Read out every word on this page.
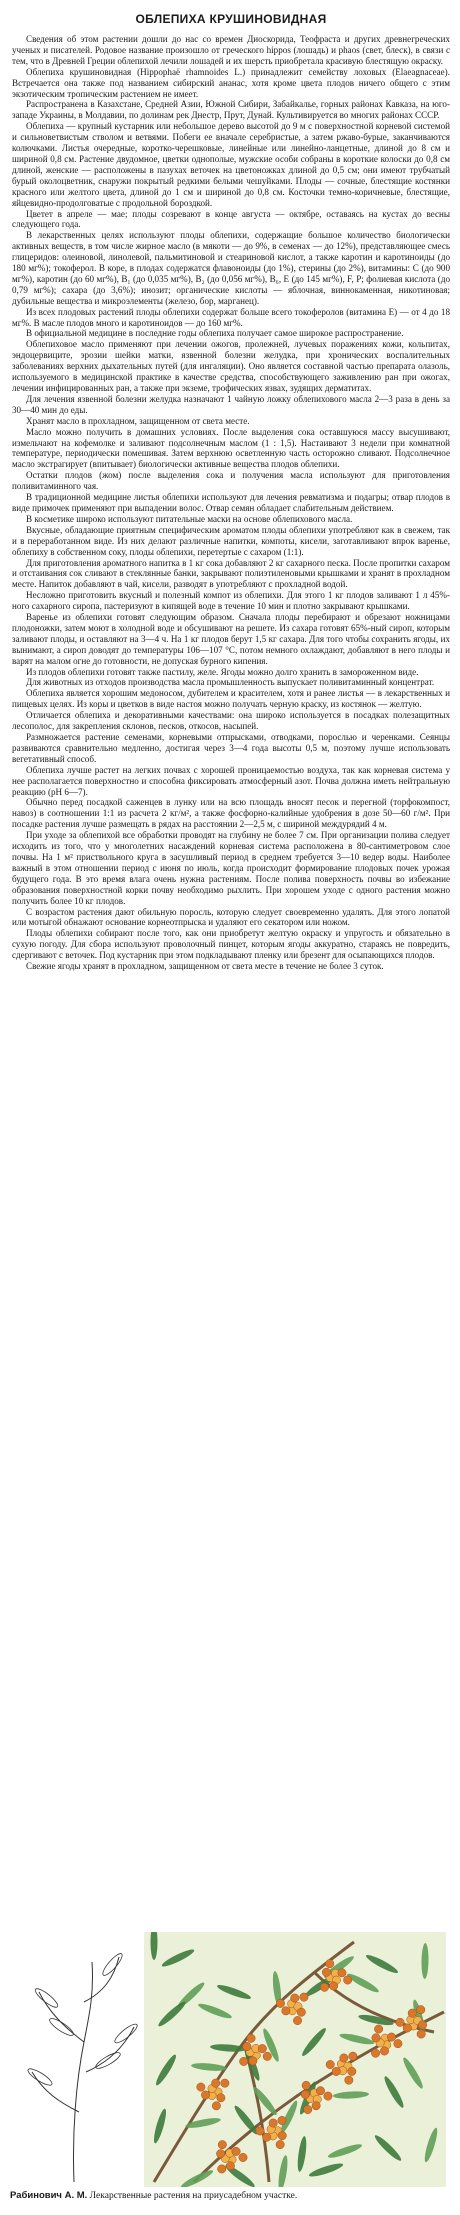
ОБЛЕПИХА КРУШИНОВИДНАЯ

Сведения об этом растении дошли до нас со времен Диоскорида, Теофраста и других древнегреческих ученых и писателей. Родовое название произошло от греческого hippos (лошадь) и phaos (свет, блеск), в связи с тем, что в Древней Греции облепихой лечили лошадей и их шерсть приобретала красивую блестящую окраску.

Облепиха крушиновидная (Hippophaë rhamnoides L.) принадлежит семейству лоховых (Elaeagnaceae). Встречается она также под названием сибирский ананас, хотя кроме цвета плодов ничего общего с этим экзотическим тропическим растением не имеет.

Распространена в Казахстане, Средней Азии, Южной Сибири, Забайкалье, горных районах Кавказа, на юго-западе Украины, в Молдавии, по долинам рек Днестр, Прут, Дунай. Культивируется во многих районах СССР.

Облепиха — крупный кустарник или небольшое дерево высотой до 9 м с поверхностной корневой системой и сильноветвистым стволом и ветвями. Побеги ее вначале серебристые, а затем ржаво-бурые, заканчиваются колючками. Листья очередные, коротко-черешковые, линейные или линейно-ланцетные, длиной до 8 см и шириной 0,8 см. Растение двудомное, цветки однополые, мужские особи собраны в короткие колоски до 0,8 см длиной, женские — расположены в пазухах веточек на цветоножках длиной до 0,5 см; они имеют трубчатый бурый околоцветник, снаружи покрытый редкими белыми чешуйками. Плоды — сочные, блестящие костянки красного или желтого цвета, длиной до 1 см и шириной до 0,8 см. Косточки темно-коричневые, блестящие, яйцевидно-продолговатые с продольной бороздкой.

Цветет в апреле — мае; плоды созревают в конце августа — октябре, оставаясь на кустах до весны следующего года.

В лекарственных целях используют плоды облепихи, содержащие большое количество биологически активных веществ, в том числе жирное масло (в мякоти — до 9%, в семенах — до 12%), представляющее смесь глицеридов: олеиновой, линолевой, пальмитиновой и стеариновой кислот, а также каротин и каротиноиды (до 180 мг%); токоферол. В коре, в плодах содержатся флавоноиды (до 1%), стерины (до 2%), витамины: С (до 900 мг%), каротин (до 60 мг%), B₁ (до 0,035 мг%), B₂ (до 0,056 мг%), B₆, Е (до 145 мг%), F, P; фолиевая кислота (до 0,79 мг%); сахара (до 3,6%); инозит; органические кислоты — яблочная, виннокаменная, никотиновая; дубильные вещества и микроэлементы (железо, бор, марганец).

Из всех плодовых растений плоды облепихи содержат больше всего токоферолов (витамина Е) — от 4 до 18 мг%. В масле плодов много и каротиноидов — до 160 мг%.

В официальной медицине в последние годы облепиха получает самое широкое распространение.

Облепиховое масло применяют при лечении ожогов, пролежней, лучевых поражениях кожи, кольпитах, эндоцервиците, эрозии шейки матки, язвенной болезни желудка, при хронических воспалительных заболеваниях верхних дыхательных путей (для ингаляции). Оно является составной частью препарата олазоль, используемого в медицинской практике в качестве средства, способствующего заживлению ран при ожогах, лечении инфицированных ран, а также при экземе, трофических язвах, зудящих дерматитах.

Для лечения язвенной болезни желудка назначают 1 чайную ложку облепихового масла 2—3 раза в день за 30—40 мин до еды.

Хранят масло в прохладном, защищенном от света месте.

Масло можно получить в домашних условиях. После выделения сока оставшуюся массу высушивают, измельчают на кофемолке и заливают подсолнечным маслом (1 : 1,5). Настаивают 3 недели при комнатной температуре, периодически помешивая. Затем верхнюю осветленную часть осторожно сливают. Подсолнечное масло экстрагирует (впитывает) биологически активные вещества плодов облепихи.

Остатки плодов (жом) после выделения сока и получения масла используют для приготовления поливитаминного чая.

В традиционной медицине листья облепихи используют для лечения ревматизма и подагры; отвар плодов в виде примочек применяют при выпадении волос. Отвар семян обладает слабительным действием.

В косметике широко используют питательные маски на основе облепихового масла.

Вкусные, обладающие приятным специфическим ароматом плоды облепихи употребляют как в свежем, так и в переработанном виде. Из них делают различные напитки, компоты, кисели, заготавливают впрок варенье, облепиху в собственном соку, плоды облепихи, перетертые с сахаром (1:1).

Для приготовления ароматного напитка в 1 кг сока добавляют 2 кг сахарного песка. После пропитки сахаром и отстаивания сок сливают в стеклянные банки, закрывают полиэтиленовыми крышками и хранят в прохладном месте. Напиток добавляют в чай, кисели, разводят в употребляют с прохладной водой.

Несложно приготовить вкусный и полезный компот из облепихи. Для этого 1 кг плодов заливают 1 л 45%-ного сахарного сиропа, пастеризуют в кипящей воде в течение 10 мин и плотно закрывают крышками.

Варенье из облепихи готовят следующим образом. Сначала плоды перебирают и обрезают ножницами плодоножки, затем моют в холодной воде и обсушивают на решете. Из сахара готовят 65%-ный сироп, которым заливают плоды, и оставляют на 3—4 ч. На 1 кг плодов берут 1,5 кг сахара. Для того чтобы сохранить ягоды, их вынимают, а сироп доводят до температуры 106—107 °С, потом немного охлаждают, добавляют в него плоды и варят на малом огне до готовности, не допуская бурного кипения.

Из плодов облепихи готовят также пастилу, желе. Ягоды можно долго хранить в замороженном виде.

Для животных из отходов производства масла промышленность выпускает поливитаминный концентрат.

Облепиха является хорошим медоносом, дубителем и красителем, хотя и ранее листья — в лекарственных и пищевых целях. Из коры и цветков в виде настоя можно получать черную краску, из костянок — желтую.

Отличается облепиха и декоративными качествами: она широко используется в посадках полезащитных лесополос, для закрепления склонов, песков, откосов, насыпей.

Размножается растение семенами, корневыми отпрысками, отводками, порослью и черенками. Сеянцы развиваются сравнительно медленно, достигая через 3—4 года высоты 0,5 м, поэтому лучше использовать вегетативный способ.

Облепиха лучше растет на легких почвах с хорошей проницаемостью воздуха, так как корневая система у нее располагается поверхностно и способна фиксировать атмосферный азот. Почва должна иметь нейтральную реакцию (рН 6—7).

Обычно перед посадкой саженцев в лунку или на всю площадь вносят песок и перегной (торфокомпост, навоз) в соотношении 1:1 из расчета 2 кг/м², а также фосфорно-калийные удобрения в дозе 50—60 г/м². При посадке растения лучше размещать в рядах на расстоянии 2—2,5 м, с шириной междурядий 4 м.

При уходе за облепихой все обработки проводят на глубину не более 7 см. При организации полива следует исходить из того, что у многолетних насаждений корневая система расположена в 80-сантиметровом слое почвы. На 1 м² приствольного круга в засушливый период в среднем требуется 3—10 ведер воды. Наиболее важный в этом отношении период с июня по июль, когда происходит формирование плодовых почек урожая будущего года. В это время влага очень нужна растениям. После полива поверхность почвы во избежание образования поверхностной корки почву необходимо рыхлить. При хорошем уходе с одного растения можно получить более 10 кг плодов.

С возрастом растения дают обильную поросль, которую следует своевременно удалять. Для этого лопатой или мотыгой обнажают основание корнеотпрыска и удаляют его секатором или ножом.

Плоды облепихи собирают после того, как они приобретут желтую окраску и упругость и обязательно в сухую погоду. Для сбора используют проволочный пинцет, которым ягоды аккуратно, стараясь не повредить, сдергивают с веточек. Под кустарник при этом подкладывают пленку или брезент для осыпающихся плодов.

Свежие ягоды хранят в прохладном, защищенном от света месте в течение не более 3 суток.

Рабинович А. М. Лекарственные растения на приусадебном участке.
